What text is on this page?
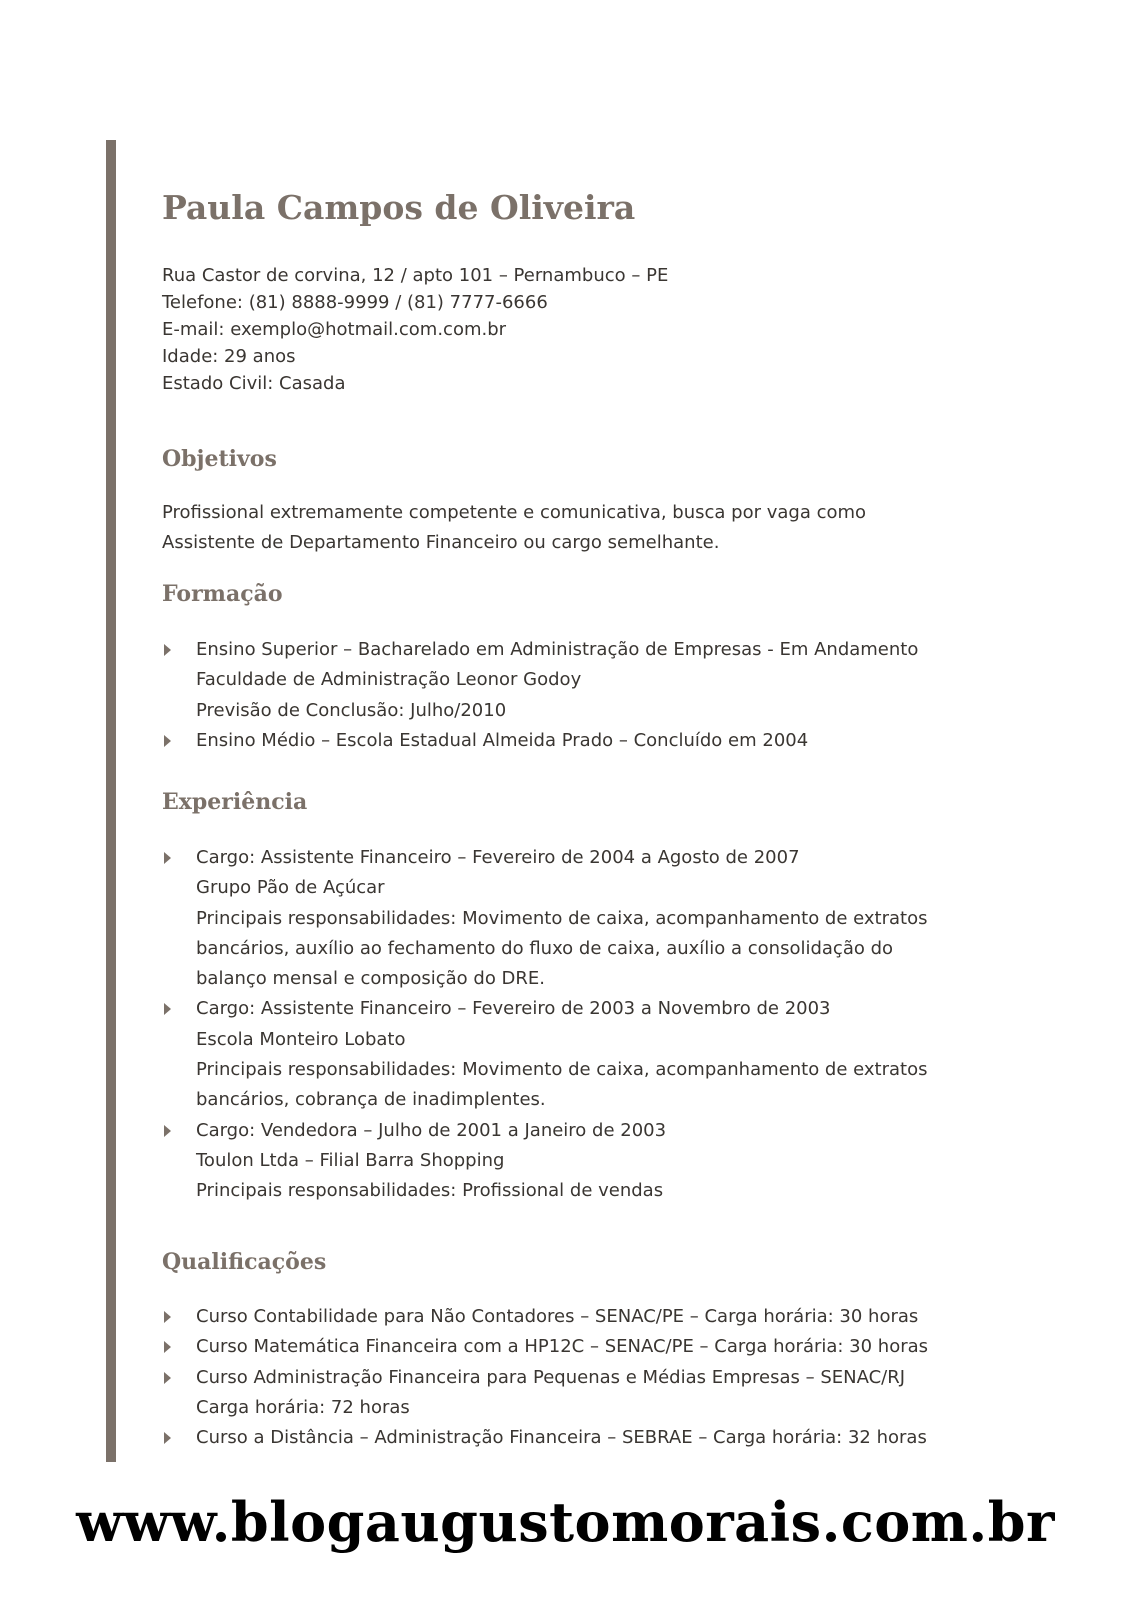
Paula Campos de Oliveira
Rua Castor de corvina, 12 / apto 101 – Pernambuco – PE
Telefone: (81) 8888-9999 / (81) 7777-6666
E-mail: exemplo@hotmail.com.com.br
Idade: 29 anos
Estado Civil: Casada
Objetivos
Profissional extremamente competente e comunicativa, busca por vaga como
Assistente de Departamento Financeiro ou cargo semelhante.
Formação
Ensino Superior – Bacharelado em Administração de Empresas - Em Andamento
Faculdade de Administração Leonor Godoy
Previsão de Conclusão: Julho/2010
Ensino Médio – Escola Estadual Almeida Prado – Concluído em 2004
Experiência
Cargo: Assistente Financeiro – Fevereiro de 2004 a Agosto de 2007
Grupo Pão de Açúcar
Principais responsabilidades: Movimento de caixa, acompanhamento de extratos
bancários, auxílio ao fechamento do fluxo de caixa, auxílio a consolidação do
balanço mensal e composição do DRE.
Cargo: Assistente Financeiro – Fevereiro de 2003 a Novembro de 2003
Escola Monteiro Lobato
Principais responsabilidades: Movimento de caixa, acompanhamento de extratos
bancários, cobrança de inadimplentes.
Cargo: Vendedora – Julho de 2001 a Janeiro de 2003
Toulon Ltda – Filial Barra Shopping
Principais responsabilidades: Profissional de vendas
Qualificações
Curso Contabilidade para Não Contadores – SENAC/PE – Carga horária: 30 horas
Curso Matemática Financeira com a HP12C – SENAC/PE – Carga horária: 30 horas
Curso Administração Financeira para Pequenas e Médias Empresas – SENAC/RJ
Carga horária: 72 horas
Curso a Distância – Administração Financeira – SEBRAE – Carga horária: 32 horas
www.blogaugustomorais.com.br
